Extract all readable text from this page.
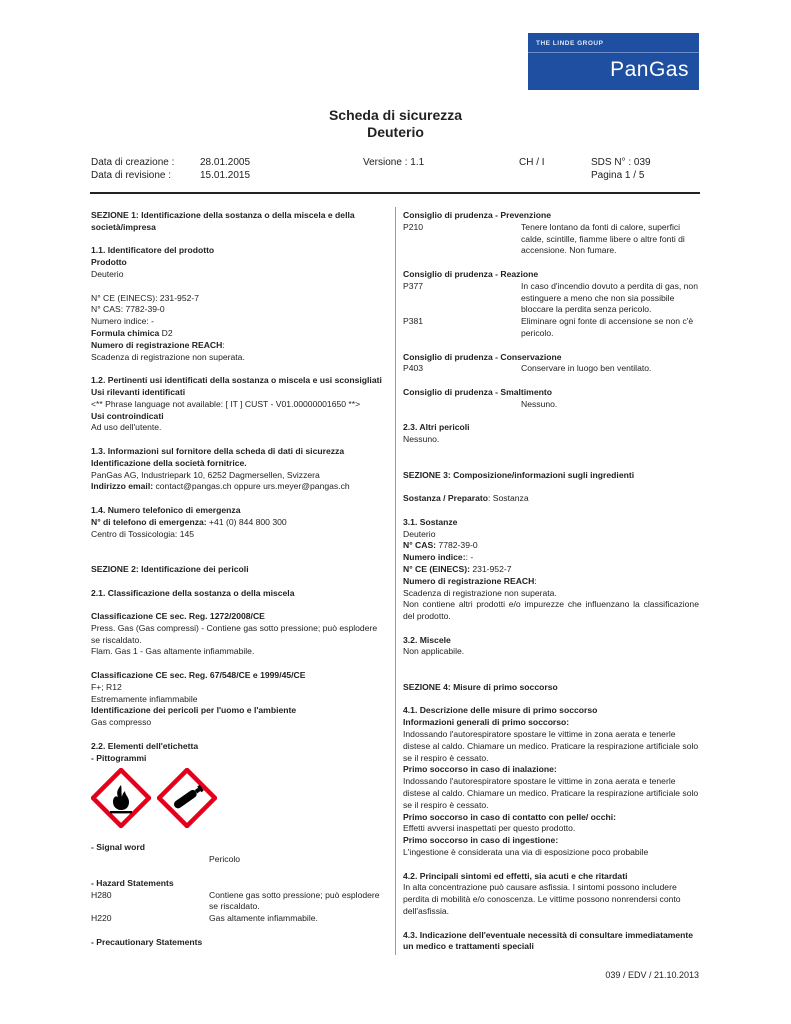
THE LINDE GROUP
PanGas
Scheda di sicurezza
Deuterio
Data di creazione :	28.01.2005
Data di revisione :	15.01.2015
Versione : 1.1	CH / I	SDS N° : 039
Pagina 1 / 5

SEZIONE 1: Identificazione della sostanza o della miscela e della società/impresa

1.1. Identificatore del prodotto

Prodotto

Deuterio

N° CE (EINECS): 231-952-7

N° CAS: 7782-39-0

Numero indice: -

Formula chimica D2

Numero di registrazione REACH:

Scadenza di registrazione non superata.

1.2. Pertinenti usi identificati della sostanza o miscela e usi sconsigliati

Usi rilevanti identificati

<** Phrase language not available: [ IT ] CUST - V01.00000001650 **>

Usi controindicati

Ad uso dell'utente.

1.3. Informazioni sul fornitore della scheda di dati di sicurezza

Identificazione della società fornitrice.

PanGas AG, Industriepark 10, 6252 Dagmersellen, Svizzera

Indirizzo email: contact@pangas.ch oppure urs.meyer@pangas.ch

1.4. Numero telefonico di emergenza

N° di telefono di emergenza: +41 (0) 844 800 300

Centro di Tossicologia: 145

SEZIONE 2: Identificazione dei pericoli

2.1. Classificazione della sostanza o della miscela

Classificazione CE sec. Reg. 1272/2008/CE

Press. Gas (Gas compressi) - Contiene gas sotto pressione; può esplodere se riscaldato.

Flam. Gas 1 - Gas altamente infiammabile.

Classificazione CE sec. Reg. 67/548/CE e 1999/45/CE

F+; R12

Estremamente infiammabile

Identificazione dei pericoli per l'uomo e l'ambiente

Gas compresso

2.2. Elementi dell'etichetta

- Pittogrammi

- Signal word

Pericolo

- Hazard Statements

H280	Contiene gas sotto pressione; può esplodere se riscaldato.
H220	Gas altamente infiammabile.

- Precautionary Statements

Consiglio di prudenza - Prevenzione

P210	Tenere lontano da fonti di calore, superfici calde, scintille, fiamme libere o altre fonti di accensione. Non fumare.

Consiglio di prudenza - Reazione

P377	In caso d'incendio dovuto a perdita di gas, non estinguere a meno che non sia possibile bloccare la perdita senza pericolo.
P381	Eliminare ogni fonte di accensione se non c'è pericolo.

Consiglio di prudenza - Conservazione

P403	Conservare in luogo ben ventilato.

Consiglio di prudenza - Smaltimento

Nessuno.

2.3. Altri pericoli

Nessuno.

SEZIONE 3: Composizione/informazioni sugli ingredienti

Sostanza / Preparato: Sostanza

3.1. Sostanze

Deuterio

N° CAS: 7782-39-0

Numero indice:: -

N° CE (EINECS): 231-952-7

Numero di registrazione REACH:

Scadenza di registrazione non superata.

Non contiene altri prodotti e/o impurezze che influenzano la classificazione del prodotto.

3.2. Miscele

Non applicabile.

SEZIONE 4: Misure di primo soccorso

4.1. Descrizione delle misure di primo soccorso

Informazioni generali di primo soccorso:

Indossando l'autorespiratore spostare le vittime in zona aerata e tenerle distese al caldo. Chiamare un medico. Praticare la respirazione artificiale solo se il respiro è cessato.

Primo soccorso in caso di inalazione:

Indossando l'autorespiratore spostare le vittime in zona aerata e tenerle distese al caldo. Chiamare un medico. Praticare la respirazione artificiale solo se il respiro è cessato.

Primo soccorso in caso di contatto con pelle/ occhi:

Effetti avversi inaspettati per questo prodotto.

Primo soccorso in caso di ingestione:

L'ingestione è considerata una via di esposizione poco probabile

4.2. Principali sintomi ed effetti, sia acuti e che ritardati

In alta concentrazione può causare asfissia. I sintomi possono includere perdita di mobilità e/o conoscenza. Le vittime possono nonrendersi conto dell'asfissia.

4.3. Indicazione dell'eventuale necessità di consultare immediatamente un medico e trattamenti speciali

039 / EDV / 21.10.2013
